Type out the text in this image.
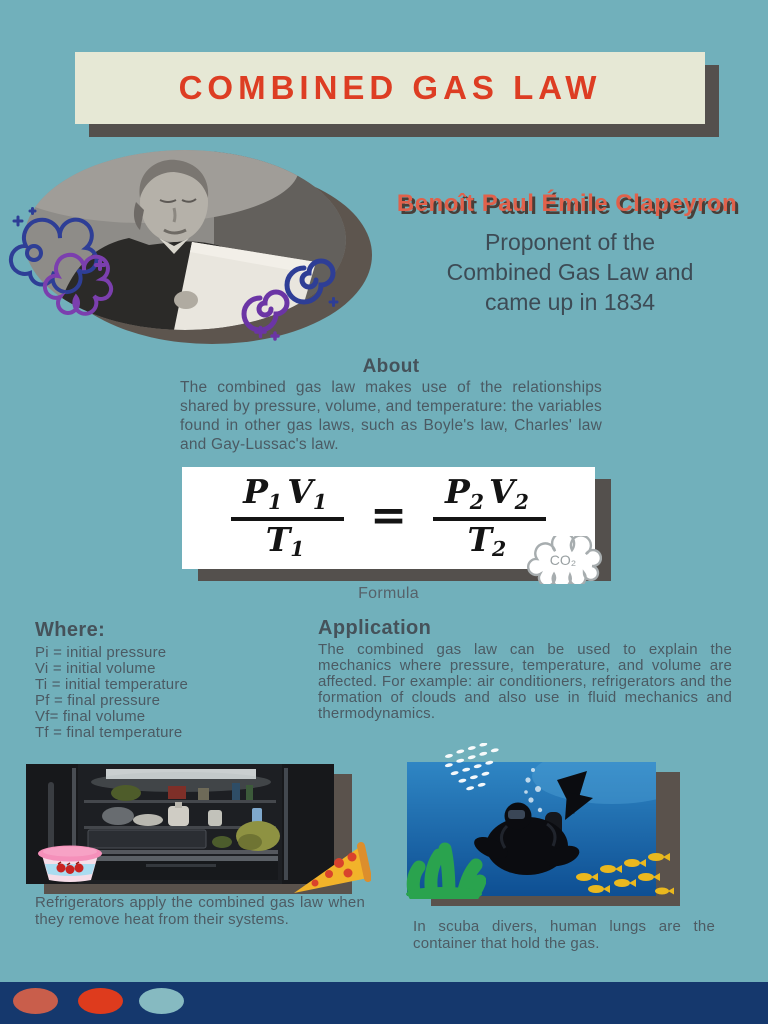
COMBINED GAS LAW
Benoît Paul Émile Clapeyron
Proponent of the
Combined Gas Law and
came up in 1834
About
The combined gas law makes use of the relationships shared by pressure, volume, and temperature: the variables found in other gas laws, such as Boyle's law, Charles' law and Gay-Lussac's law.
$\frac{P1 V1}{T1} = \frac{P2 V2}{T2} CO_2$
Formula
Where:
Pi = initial pressure
Vi = initial volume
Ti = initial temperature
Pf = final pressure
Vf= final volume
Tf = final temperature
Application
The combined gas law can be used to explain the mechanics where pressure, temperature, and volume are affected. For example: air conditioners, refrigerators and the formation of clouds and also use in fluid mechanics and thermodynamics.
Refrigerators apply the combined gas law when they remove heat from their systems.	In scuba divers, human lungs are the container that hold the gas.
